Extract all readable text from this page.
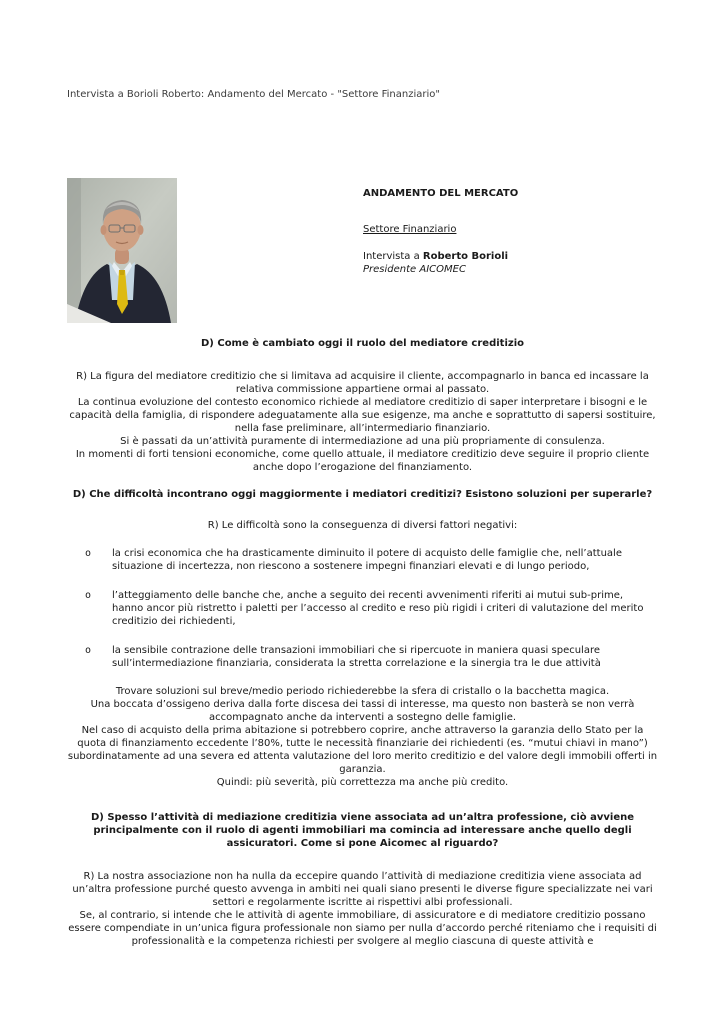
Intervista a Borioli Roberto: Andamento del Mercato - "Settore Finanziario"
ANDAMENTO DEL MERCATO
Settore Finanziario
Intervista a Roberto Borioli
Presidente AICOMEC
D) Come è cambiato oggi il ruolo del mediatore creditizio
R) La figura del mediatore creditizio che si limitava ad acquisire il cliente, accompagnarlo in banca ed incassare la relativa commissione appartiene ormai al passato.
La continua evoluzione del contesto economico richiede al mediatore creditizio di saper interpretare i bisogni e le capacità della famiglia, di rispondere adeguatamente alla sue esigenze, ma anche e soprattutto di sapersi sostituire, nella fase preliminare, all’intermediario finanziario.
Si è passati da un’attività puramente di intermediazione ad una più propriamente di consulenza.
In momenti di forti tensioni economiche, come quello attuale, il mediatore creditizio deve seguire il proprio cliente anche dopo l’erogazione del finanziamento.
D) Che difficoltà incontrano oggi maggiormente i mediatori creditizi? Esistono soluzioni per superarle?
R) Le difficoltà sono la conseguenza di diversi fattori negativi:
o	la crisi economica che ha drasticamente diminuito il potere di acquisto delle famiglie che, nell’attuale situazione di incertezza, non riescono a sostenere impegni finanziari elevati e di lungo periodo,
o	l’atteggiamento delle banche che, anche a seguito dei recenti avvenimenti riferiti ai mutui sub-prime, hanno ancor più ristretto i paletti per l’accesso al credito e reso più rigidi i criteri di valutazione del merito creditizio dei richiedenti,
o	la sensibile contrazione delle transazioni immobiliari che si ripercuote in maniera quasi speculare sull’intermediazione finanziaria, considerata la stretta correlazione e la sinergia tra le due attività
Trovare soluzioni sul breve/medio periodo richiederebbe la sfera di cristallo o la bacchetta magica.
Una boccata d’ossigeno deriva dalla forte discesa dei tassi di interesse, ma questo non basterà se non verrà accompagnato anche da interventi a sostegno delle famiglie.
Nel caso di acquisto della prima abitazione si potrebbero coprire, anche attraverso la garanzia dello Stato per la quota di finanziamento eccedente l’80%, tutte le necessità finanziarie dei richiedenti (es. “mutui chiavi in mano”) subordinatamente ad una severa ed attenta valutazione del loro merito creditizio e del valore degli immobili offerti in garanzia.
Quindi: più severità, più correttezza ma anche più credito.
D) Spesso l’attività di mediazione creditizia viene associata ad un’altra professione, ciò avviene principalmente con il ruolo di agenti immobiliari ma comincia ad interessare anche quello degli assicuratori. Come si pone Aicomec al riguardo?
R) La nostra associazione non ha nulla da eccepire quando l’attività di mediazione creditizia viene associata ad un’altra professione purché questo avvenga in ambiti nei quali siano presenti le diverse figure specializzate nei vari settori e regolarmente iscritte ai rispettivi albi professionali.
Se, al contrario, si intende che le attività di agente immobiliare, di assicuratore e di mediatore creditizio possano essere compendiate in un’unica figura professionale non siamo per nulla d’accordo perché riteniamo che i requisiti di professionalità e la competenza richiesti per svolgere al meglio ciascuna di queste attività e
